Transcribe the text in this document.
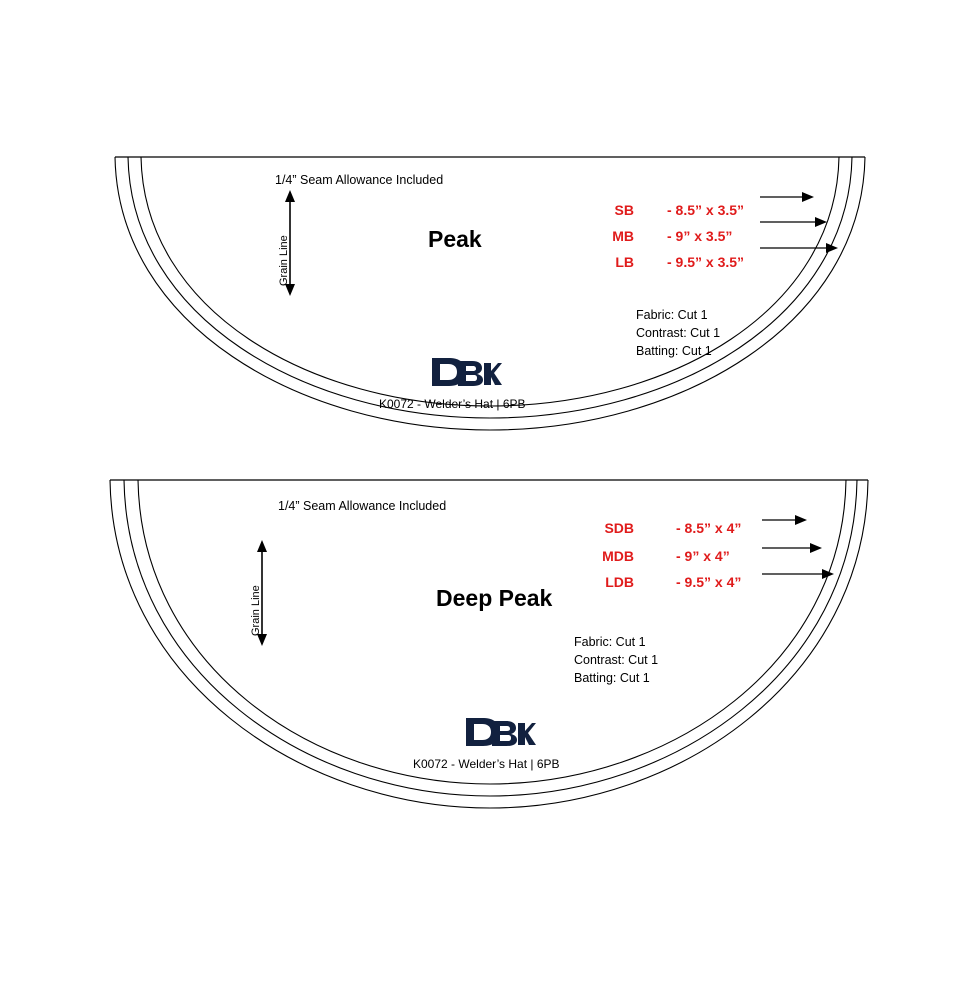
1/4” Seam Allowance Included
Peak
Grain Line
SB - 8.5” x 3.5”
MB - 9” x 3.5”
LB - 9.5” x 3.5”
Fabric: Cut 1
Contrast: Cut 1
Batting: Cut 1
K0072 - Welder’s Hat | 6PB
1/4” Seam Allowance Included
Deep Peak
Grain Line
SDB	- 8.5” x 4”
MDB	- 9” x 4”
LDB	- 9.5” x 4”
Fabric: Cut 1
Contrast: Cut 1
Batting: Cut 1
K0072 - Welder’s Hat | 6PB
